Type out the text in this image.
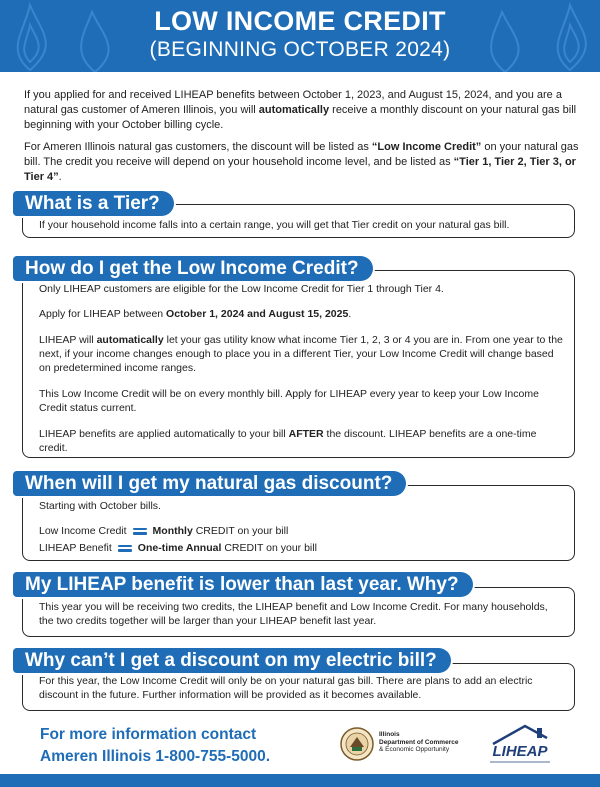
LOW INCOME CREDIT
(BEGINNING OCTOBER 2024)
If you applied for and received LIHEAP benefits between October 1, 2023, and August 15, 2024, and you are a natural gas customer of Ameren Illinois, you will automatically receive a monthly discount on your natural gas bill beginning with your October billing cycle.
For Ameren Illinois natural gas customers, the discount will be listed as “Low Income Credit” on your natural gas bill. The credit you receive will depend on your household income level, and be listed as “Tier 1, Tier 2, Tier 3, or Tier 4”.

If your household income falls into a certain range, you will get that Tier credit on your natural gas bill.

What is a Tier?

Only LIHEAP customers are eligible for the Low Income Credit for Tier 1 through Tier 4.

Apply for LIHEAP between October 1, 2024 and August 15, 2025.

LIHEAP will automatically let your gas utility know what income Tier 1, 2, 3 or 4 you are in. From one year to the next, if your income changes enough to place you in a different Tier, your Low Income Credit will change based on predetermined income ranges.

This Low Income Credit will be on every monthly bill. Apply for LIHEAP every year to keep your Low Income Credit status current.

LIHEAP benefits are applied automatically to your bill AFTER the discount. LIHEAP benefits are a one-time credit.

How do I get the Low Income Credit?

Starting with October bills.

Low Income Credit Monthly CREDIT on your bill

LIHEAP Benefit One-time Annual CREDIT on your bill

When will I get my natural gas discount?

This year you will be receiving two credits, the LIHEAP benefit and Low Income Credit. For many households, the two credits together will be larger than your LIHEAP benefit last year.

My LIHEAP benefit is lower than last year. Why?

For this year, the Low Income Credit will only be on your natural gas bill. There are plans to add an electric discount in the future. Further information will be provided as it becomes available.

Why can’t I get a discount on my electric bill?
For more information contact
Ameren Illinois 1-800-755-5000.
Illinois
Department of Commerce
& Economic Opportunity	LIHEAP
